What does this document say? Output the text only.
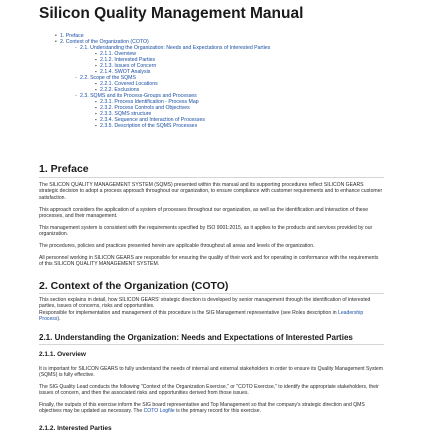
Silicon Quality Management Manual
• 1. Preface
• 2. Context of the Organization (COTO)
◦ 2.1. Understanding the Organization: Needs and Expectations of Interested Parties
▪ 2.1.1. Overview
▪ 2.1.2. Interested Parties
▪ 2.1.3. Issues of Concern
▪ 2.1.4. SWOT Analysis
◦ 2.2. Scope of the SQMS
▪ 2.2.1. Covered Locations
▪ 2.2.2. Exclusions
◦ 2.3. SQMS and its Process-Groups and Processes
▪ 2.3.1. Process Identification - Process Map
▪ 2.3.2. Process Controls and Objectives
▪ 2.3.3. SQMS structure
▪ 2.3.4. Sequence and Interaction of Processes
▪ 2.3.5. Description of the SQMS Processes
1. Preface

The SILICON QUALITY MANAGEMENT SYSTEM (SQMS) presented within this manual and its supporting procedures reflect SILICON GEARS strategic decision to adopt a process approach throughout our organization, to ensure compliance with customer requirements and to enhance customer satisfaction.

This approach considers the application of a system of processes throughout our organization, as well as the identification and interaction of these processes, and their management.

This management system is consistent with the requirements specified by ISO 9001:2015, as it applies to the products and services provided by our organization.

The procedures, policies and practices presented herein are applicable throughout all areas and levels of the organization.

All personnel working in SILICON GEARS are responsible for ensuring the quality of their work and for operating in conformance with the requirements of this SILICON QUALITY MANAGEMENT SYSTEM.

2. Context of the Organization (COTO)

This section explains in detail, how SILICON GEARS' strategic direction is developed by senior management through the identification of interested parties, issues of concerns, risks and opportunities.

Responsible for implementation and management of this procedure is the SIG Management representative (see Roles description in Leadership Process).

2.1. Understanding the Organization: Needs and Expectations of Interested Parties
2.1.1. Overview

It is important for SILICON GEARS to fully understand the needs of internal and external stakeholders in order to ensure its Quality Management System (SQMS) is fully effective.

The SIG Quality Lead conducts the following "Context of the Organization Exercise," or "COTO Exercise," to identify the appropriate stakeholders, their issues of concern, and then the associated risks and opportunities derived from those issues.

Finally, the outputs of this exercise inform the SIG board representative and Top Management so that the company's strategic direction and QMS objectives may be updated as necessary. The COTO Logfile is the primary record for this exercise.

2.1.2. Interested Parties
